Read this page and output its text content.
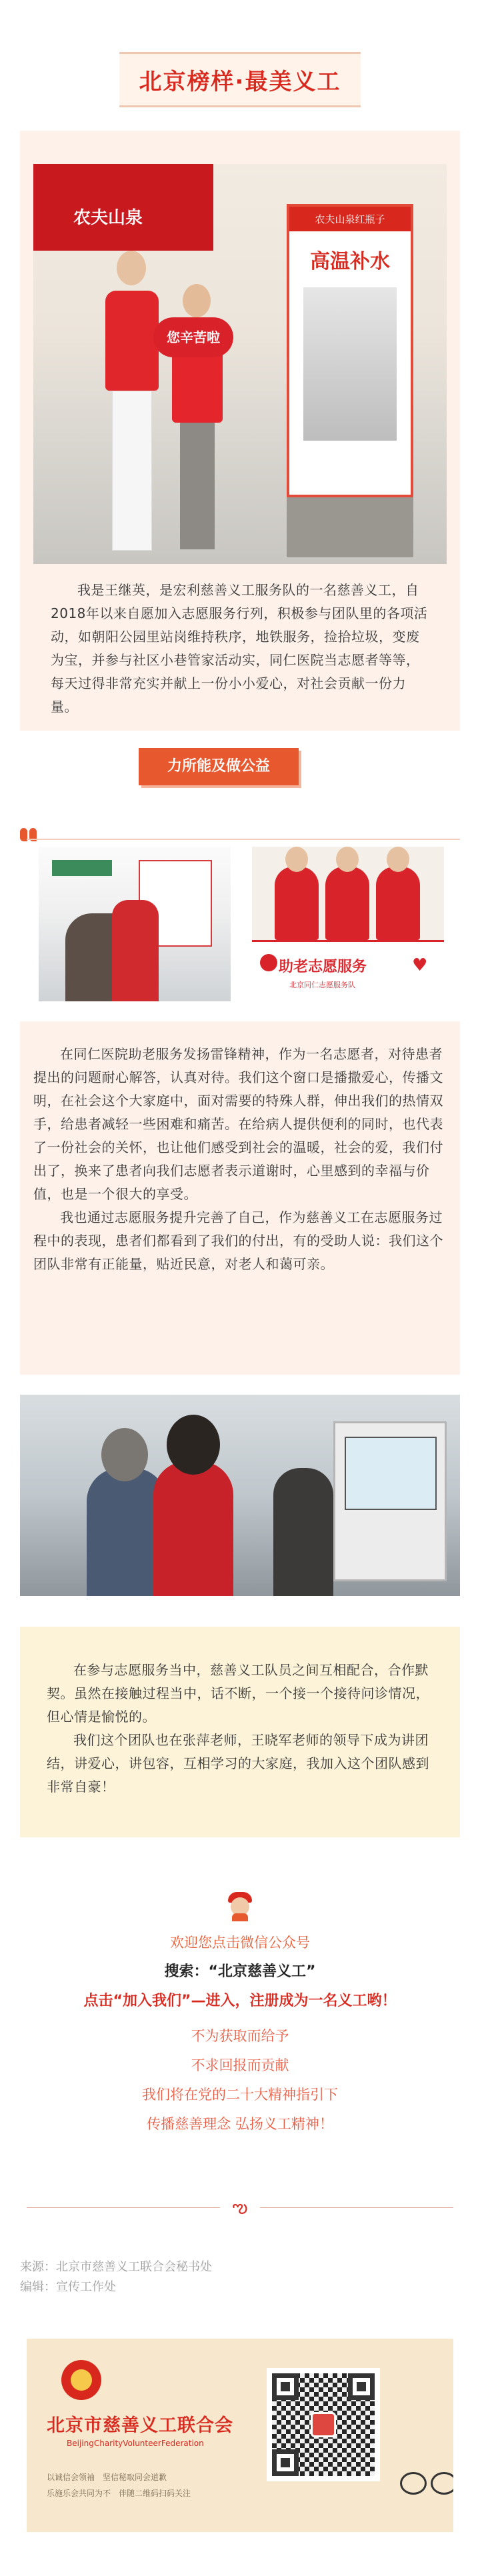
北京榜样·最美义工
农夫山泉
您辛苦啦
农夫山泉红瓶子
高温补水
我是王继英，是宏利慈善义工服务队的一名慈善义工，自2018年以来自愿加入志愿服务行列，积极参与团队里的各项活动，如朝阳公园里站岗维持秩序，地铁服务，捡拾垃圾，变废为宝，并参与社区小巷管家活动实，同仁医院当志愿者等等，每天过得非常充实并献上一份小小爱心，对社会贡献一份力量。
力所能及做公益
助老志愿服务
北京同仁志愿服务队
♥

在同仁医院助老服务发扬雷锋精神，作为一名志愿者，对待患者提出的问题耐心解答，认真对待。我们这个窗口是播撒爱心，传播文明，在社会这个大家庭中，面对需要的特殊人群，伸出我们的热情双手，给患者减轻一些困难和痛苦。在给病人提供便利的同时，也代表了一份社会的关怀，也让他们感受到社会的温暖，社会的爱，我们付出了，换来了患者向我们志愿者表示道谢时，心里感到的幸福与价值，也是一个很大的享受。

我也通过志愿服务提升完善了自己，作为慈善义工在志愿服务过程中的表现，患者们都看到了我们的付出，有的受助人说：我们这个团队非常有正能量，贴近民意，对老人和蔼可亲。

在参与志愿服务当中，慈善义工队员之间互相配合，合作默契。虽然在接触过程当中，话不断，一个接一个接待问诊情况，但心情是愉悦的。

我们这个团队也在张萍老师，王晓军老师的领导下成为讲团结，讲爱心，讲包容，互相学习的大家庭，我加入这个团队感到非常自豪！

欢迎您点击微信公众号
搜索：“北京慈善义工”
点击“加入我们”—进入，注册成为一名义工哟！
不为获取而给予
不求回报而贡献
我们将在党的二十大精神指引下
传播慈善理念 弘扬义工精神！
ఌ
来源：北京市慈善义工联合会秘书处
编辑：宣传工作处
北京市慈善义工联合会
BeijingCharityVolunteerFederation
以诚信会领袖　坚信秘取同会道歉
乐施乐会共同为不　伴随二维码扫码关注
